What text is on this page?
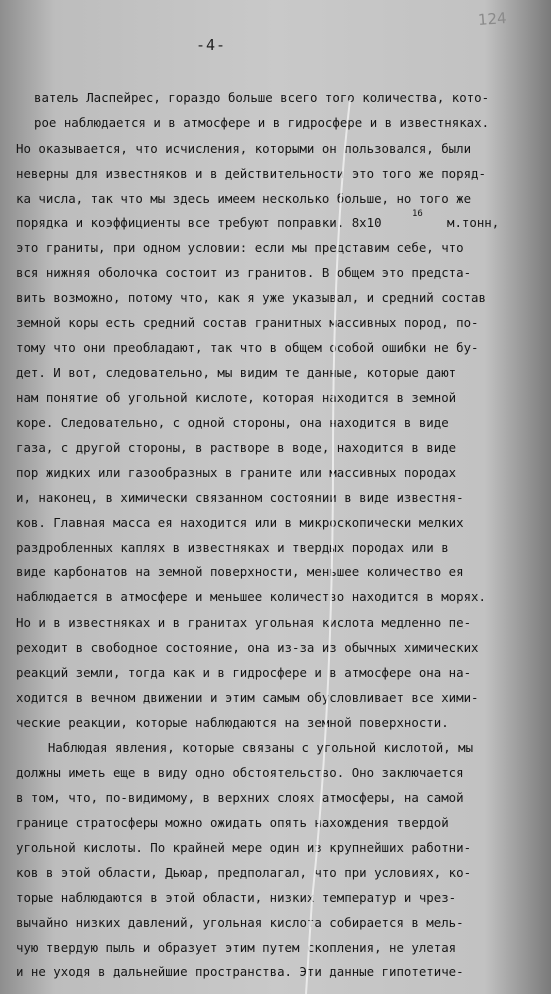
-4-
124
ватель Ласпейрес, гораздо больше всего того количества, кото-
рое наблюдается и в атмосфере и в гидросфере и в известняках.
Но оказывается, что исчисления, которыми он пользовался, были
неверны для известняков и в действительности это того же поряд-
ка числа, так что мы здесь имеем несколько больше, но того же
порядка и коэффициенты все требуют поправки. 8х10
это граниты, при одном условии: если мы представим себе, что
вся нижняя оболочка состоит из гранитов. В общем это предста-
вить возможно, потому что, как я уже указывал, и средний состав
земной коры есть средний состав гранитных массивных пород, по-
тому что они преобладают, так что в общем особой ошибки не бу-
дет. И вот, следовательно, мы видим те данные, которые дают
нам понятие об угольной кислоте, которая находится в земной
коре. Следовательно, с одной стороны, она находится в виде
газа, с другой стороны, в растворе в воде, находится в виде
пор жидких или газообразных в граните или массивных породах
и, наконец, в химически связанном состоянии в виде известня-
ков. Главная масса ея находится или в микроскопически мелких
раздробленных каплях в известняках и твердых породах или в
виде карбонатов на земной поверхности, меньшее количество ея
наблюдается в атмосфере и меньшее количество находится в морях.
Но и в известняках и в гранитах угольная кислота медленно пе-
реходит в свободное состояние, она из-за из обычных химических
реакций земли, тогда как и в гидросфере и в атмосфере она на-
ходится в вечном движении и этим самым обусловливает все хими-
ческие реакции, которые наблюдаются на земной поверхности.
Наблюдая явления, которые связаны с угольной кислотой, мы
должны иметь еще в виду одно обстоятельство. Оно заключается
в том, что, по-видимому, в верхних слоях атмосферы, на самой
границе стратосферы можно ожидать опять нахождения твердой
угольной кислоты. По крайней мере один из крупнейших работни-
ков в этой области, Дьюар, предполагал, что при условиях, ко-
торые наблюдаются в этой области, низких температур и чрез-
вычайно низких давлений, угольная кислота собирается в мель-
чую твердую пыль и образует этим путем скопления, не улетая
и не уходя в дальнейшие пространства. Эти данные гипотетиче-
16
м.тонн,
